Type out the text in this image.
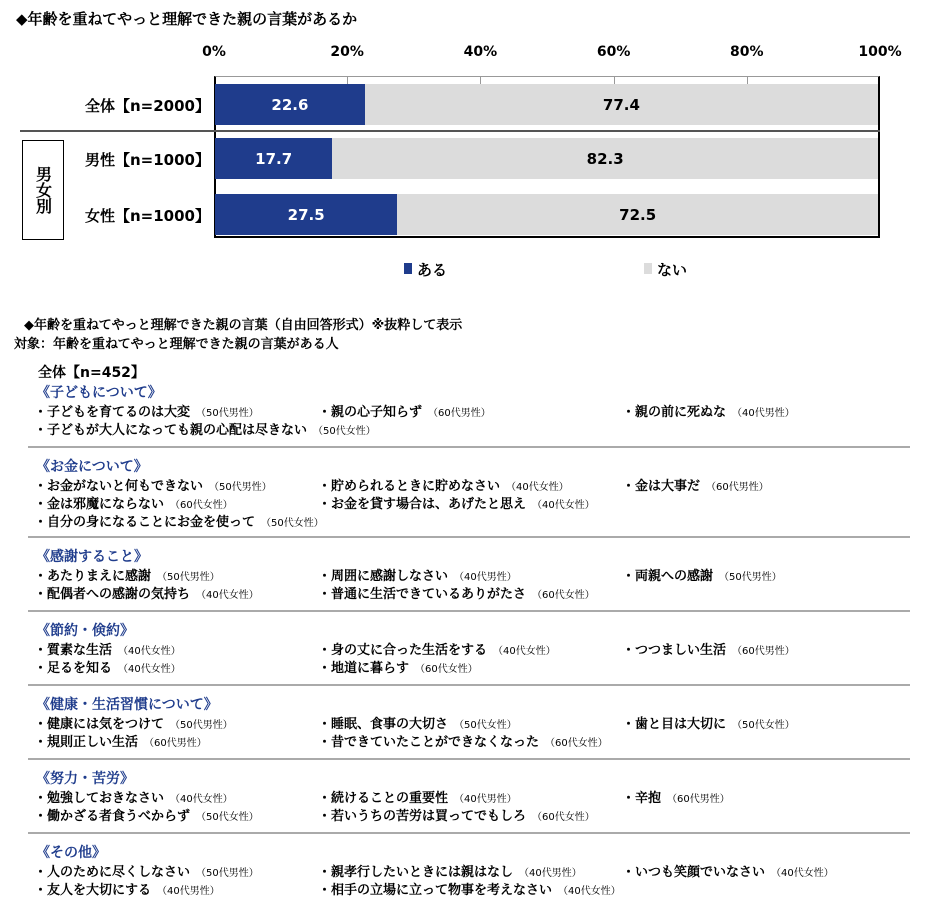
◆年齢を重ねてやっと理解できた親の言葉があるか
0%	20%	40%	60%	80%	100%
全体【n=2000】	22.6	77.4
男性【n=1000】	17.7	82.3
女性【n=1000】	27.5	72.5
男女別
ある	ない
◆年齢を重ねてやっと理解できた親の言葉（自由回答形式）※抜粋して表示
対象：年齢を重ねてやっと理解できた親の言葉がある人
全体【n=452】
《子どもについて》
・子どもを育てるのは大変 （50代男性）	・親の心子知らず （60代男性）	・親の前に死ぬな （40代男性）
・子どもが大人になっても親の心配は尽きない （50代女性）
《お金について》
・お金がないと何もできない （50代男性）	・貯められるときに貯めなさい （40代女性）	・金は大事だ （60代男性）
・金は邪魔にならない （60代女性）	・お金を貸す場合は、あげたと思え （40代女性）
・自分の身になることにお金を使って （50代女性）
《感謝すること》
・あたりまえに感謝 （50代男性）	・周囲に感謝しなさい （40代男性）	・両親への感謝 （50代男性）
・配偶者への感謝の気持ち （40代女性）	・普通に生活できているありがたさ （60代女性）
《節約・倹約》
・質素な生活 （40代女性）	・身の丈に合った生活をする （40代女性）	・つつましい生活 （60代男性）
・足るを知る （40代女性）	・地道に暮らす （60代女性）
《健康・生活習慣について》
・健康には気をつけて （50代男性）	・睡眠、食事の大切さ （50代女性）	・歯と目は大切に （50代女性）
・規則正しい生活 （60代男性）	・昔できていたことができなくなった （60代女性）
《努力・苦労》
・勉強しておきなさい （40代女性）	・続けることの重要性 （40代男性）	・辛抱 （60代男性）
・働かざる者食うべからず （50代女性）	・若いうちの苦労は買ってでもしろ （60代女性）
《その他》
・人のために尽くしなさい （50代男性）	・親孝行したいときには親はなし （40代男性）	・いつも笑顔でいなさい （40代女性）
・友人を大切にする （40代男性）	・相手の立場に立って物事を考えなさい （40代女性）
